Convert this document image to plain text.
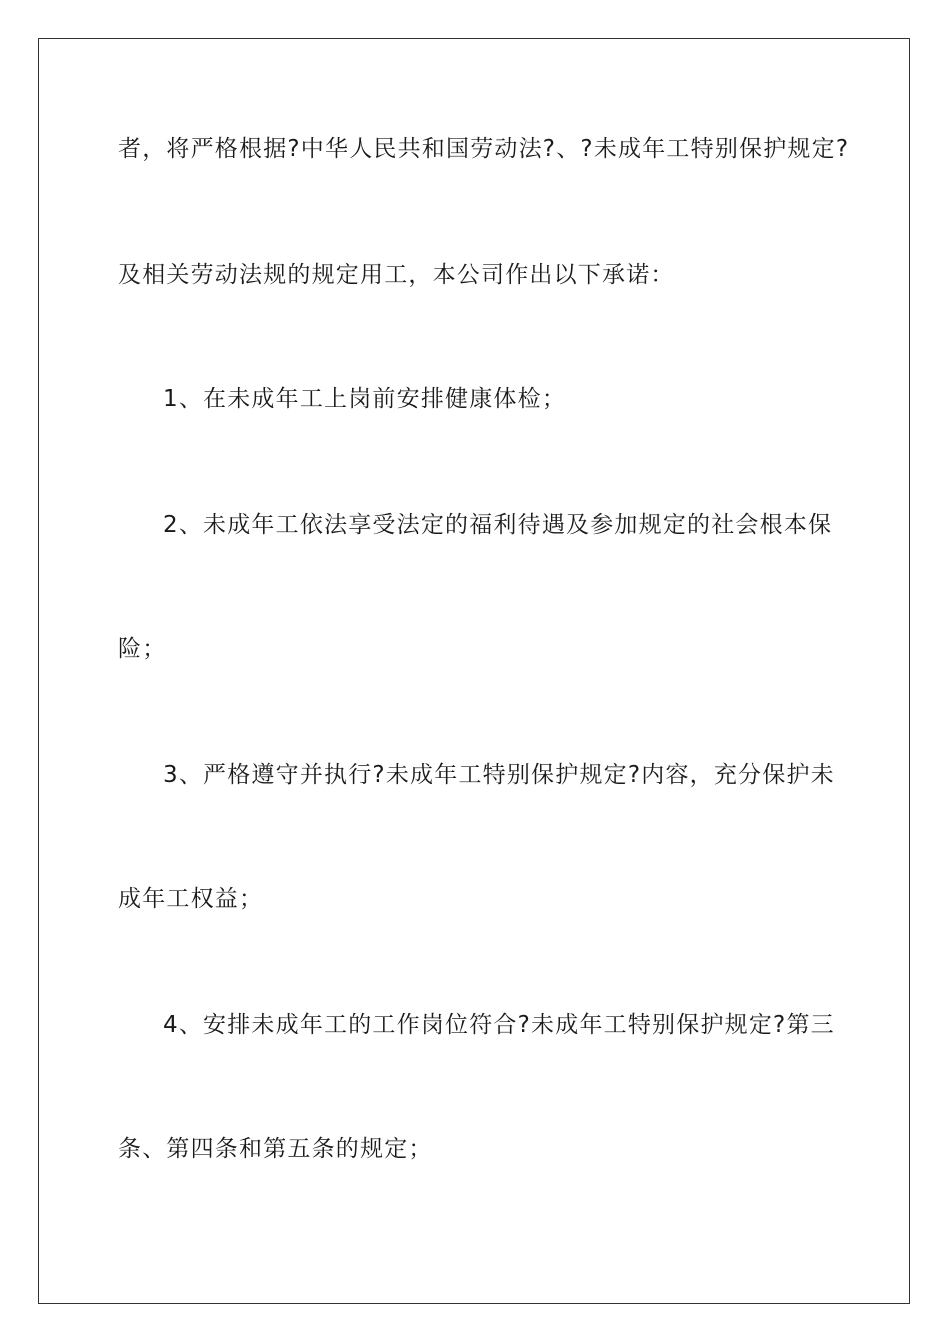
者，将严格根据?中华人民共和国劳动法?、?未成年工特别保护规定?
及相关劳动法规的规定用工，本公司作出以下承诺：
1、在未成年工上岗前安排健康体检；
2、未成年工依法享受法定的福利待遇及参加规定的社会根本保
险；
3、严格遵守并执行?未成年工特别保护规定?内容，充分保护未
成年工权益；
4、安排未成年工的工作岗位符合?未成年工特别保护规定?第三
条、第四条和第五条的规定；
